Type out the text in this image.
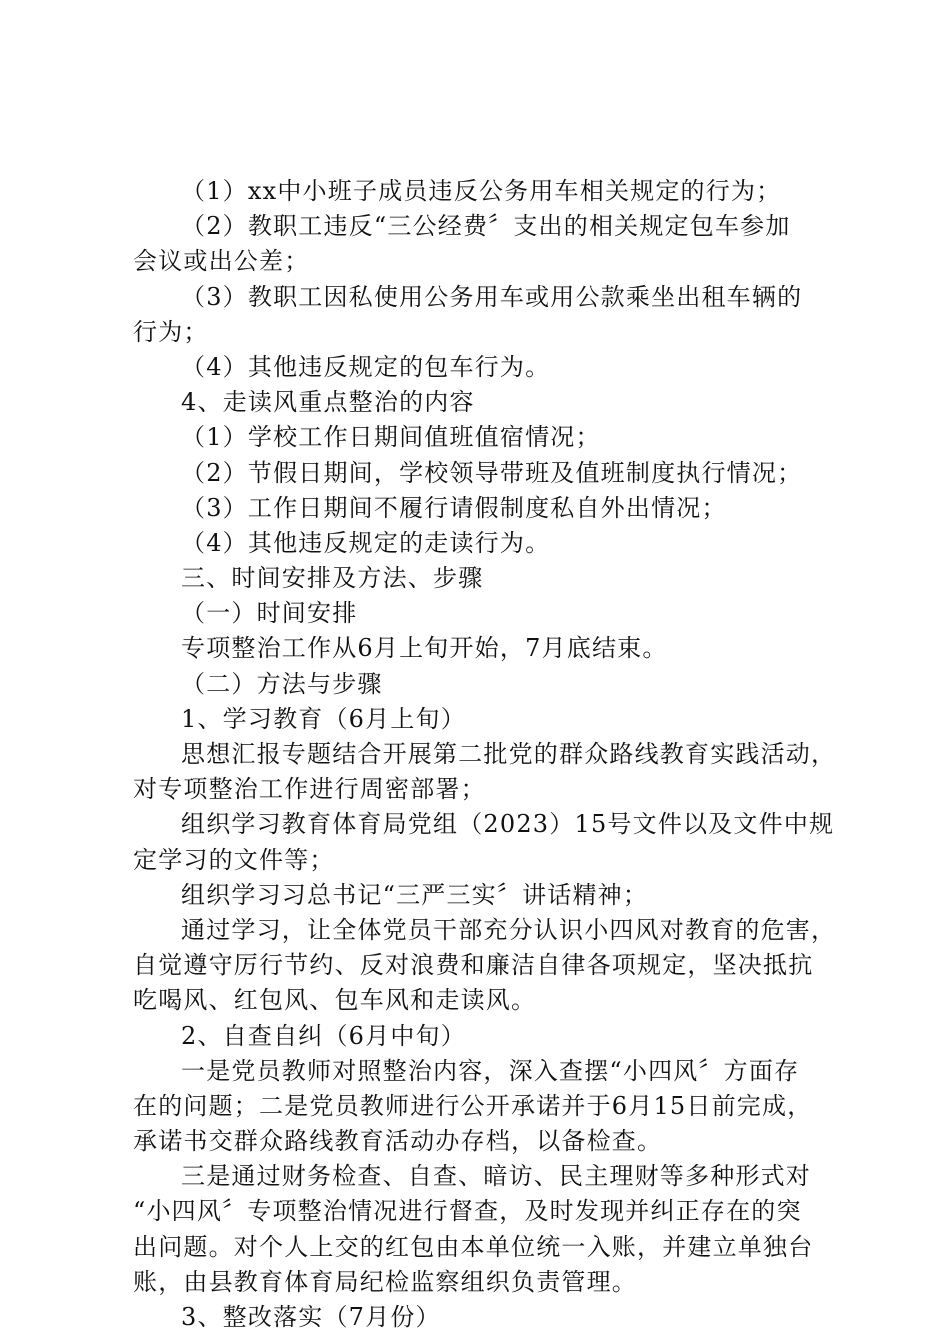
（1）xx中小班子成员违反公务用车相关规定的行为；
（2）教职工违反“三公经费〞支出的相关规定包车参加
会议或出公差；
（3）教职工因私使用公务用车或用公款乘坐出租车辆的
行为；
（4）其他违反规定的包车行为。
4、走读风重点整治的内容
（1）学校工作日期间值班值宿情况；
（2）节假日期间，学校领导带班及值班制度执行情况；
（3）工作日期间不履行请假制度私自外出情况；
（4）其他违反规定的走读行为。
三、时间安排及方法、步骤
（一）时间安排
专项整治工作从6月上旬开始，7月底结束。
（二）方法与步骤
1、学习教育（6月上旬）
思想汇报专题结合开展第二批党的群众路线教育实践活动，
对专项整治工作进行周密部署；
组织学习教育体育局党组（2023）15号文件以及文件中规
定学习的文件等；
组织学习习总书记“三严三实〞讲话精神；
通过学习，让全体党员干部充分认识小四风对教育的危害，
自觉遵守厉行节约、反对浪费和廉洁自律各项规定，坚决抵抗
吃喝风、红包风、包车风和走读风。
2、自查自纠（6月中旬）
一是党员教师对照整治内容，深入查摆“小四风〞方面存
在的问题；二是党员教师进行公开承诺并于6月15日前完成，
承诺书交群众路线教育活动办存档，以备检查。
三是通过财务检查、自查、暗访、民主理财等多种形式对
“小四风〞专项整治情况进行督查，及时发现并纠正存在的突
出问题。对个人上交的红包由本单位统一入账，并建立单独台
账，由县教育体育局纪检监察组织负责管理。
3、整改落实（7月份）
